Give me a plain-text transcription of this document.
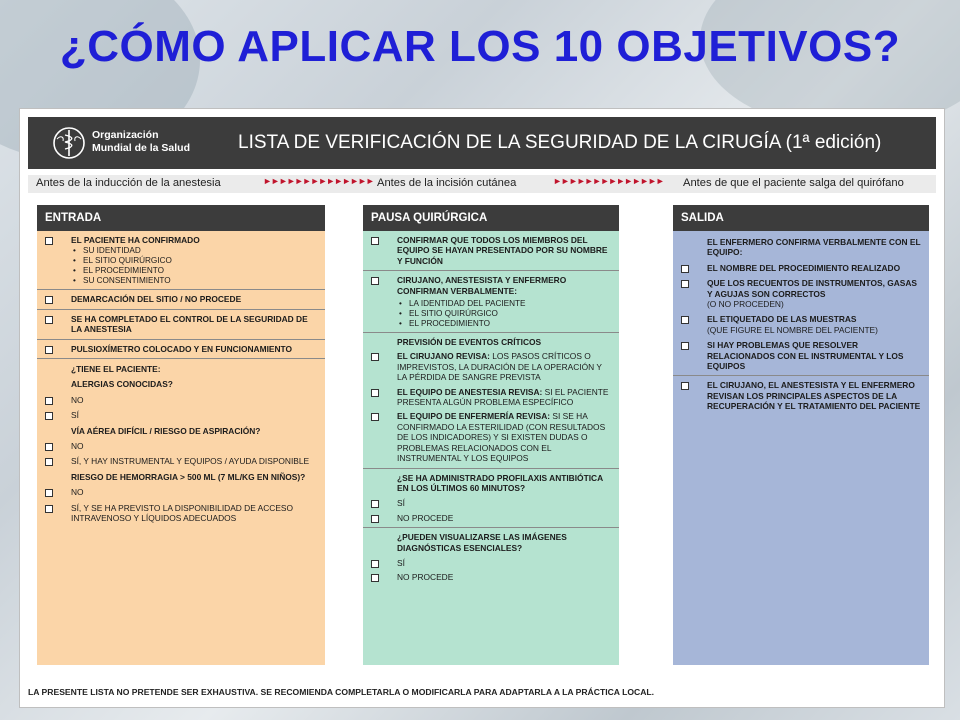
¿CÓMO APLICAR LOS 10 OBJETIVOS?
Organización
Mundial de la Salud	LISTA DE VERIFICACIÓN DE LA SEGURIDAD DE LA CIRUGÍA (1ª edición)
Antes de la inducción de la anestesia	►►►►►►►►►►►►►► Antes de la incisión cutánea	►►►►►►►►►►►►►► Antes de que el paciente salga del quirófano
ENTRADA
EL PACIENTE HA CONFIRMADO
• SU IDENTIDAD
• EL SITIO QUIRÚRGICO
• EL PROCEDIMIENTO
• SU CONSENTIMIENTO
DEMARCACIÓN DEL SITIO / NO PROCEDE
SE HA COMPLETADO EL CONTROL DE LA SEGURIDAD DE LA ANESTESIA
PULSIOXÍMETRO COLOCADO Y EN FUNCIONAMIENTO
¿TIENE EL PACIENTE:
ALERGIAS CONOCIDAS?
NO
SÍ
VÍA AÉREA DIFÍCIL / RIESGO DE ASPIRACIÓN?
NO
SÍ, Y HAY INSTRUMENTAL Y EQUIPOS / AYUDA DISPONIBLE
RIESGO DE HEMORRAGIA > 500 ML (7 ML/KG EN NIÑOS)?
NO
SÍ, Y SE HA PREVISTO LA DISPONIBILIDAD DE ACCESO INTRAVENOSO Y LÍQUIDOS ADECUADOS
PAUSA QUIRÚRGICA
CONFIRMAR QUE TODOS LOS MIEMBROS DEL EQUIPO SE HAYAN PRESENTADO POR SU NOMBRE Y FUNCIÓN
CIRUJANO, ANESTESISTA Y ENFERMERO CONFIRMAN VERBALMENTE:
• LA IDENTIDAD DEL PACIENTE
• EL SITIO QUIRÚRGICO
• EL PROCEDIMIENTO
PREVISIÓN DE EVENTOS CRÍTICOS
EL CIRUJANO REVISA: LOS PASOS CRÍTICOS O IMPREVISTOS, LA DURACIÓN DE LA OPERACIÓN Y LA PÉRDIDA DE SANGRE PREVISTA
EL EQUIPO DE ANESTESIA REVISA: SI EL PACIENTE PRESENTA ALGÚN PROBLEMA ESPECÍFICO
EL EQUIPO DE ENFERMERÍA REVISA: SI SE HA CONFIRMADO LA ESTERILIDAD (CON RESULTADOS DE LOS INDICADORES) Y SI EXISTEN DUDAS O PROBLEMAS RELACIONADOS CON EL INSTRUMENTAL Y LOS EQUIPOS
¿SE HA ADMINISTRADO PROFILAXIS ANTIBIÓTICA EN LOS ÚLTIMOS 60 MINUTOS?
SÍ
NO PROCEDE
¿PUEDEN VISUALIZARSE LAS IMÁGENES DIAGNÓSTICAS ESENCIALES?
SÍ
NO PROCEDE
SALIDA
EL ENFERMERO CONFIRMA VERBALMENTE CON EL EQUIPO:
EL NOMBRE DEL PROCEDIMIENTO REALIZADO
QUE LOS RECUENTOS DE INSTRUMENTOS, GASAS Y AGUJAS SON CORRECTOS
(O NO PROCEDEN)
EL ETIQUETADO DE LAS MUESTRAS
(QUE FIGURE EL NOMBRE DEL PACIENTE)
SI HAY PROBLEMAS QUE RESOLVER RELACIONADOS CON EL INSTRUMENTAL Y LOS EQUIPOS
EL CIRUJANO, EL ANESTESISTA Y EL ENFERMERO REVISAN LOS PRINCIPALES ASPECTOS DE LA RECUPERACIÓN Y EL TRATAMIENTO DEL PACIENTE
LA PRESENTE LISTA NO PRETENDE SER EXHAUSTIVA. SE RECOMIENDA COMPLETARLA O MODIFICARLA PARA ADAPTARLA A LA PRÁCTICA LOCAL.
